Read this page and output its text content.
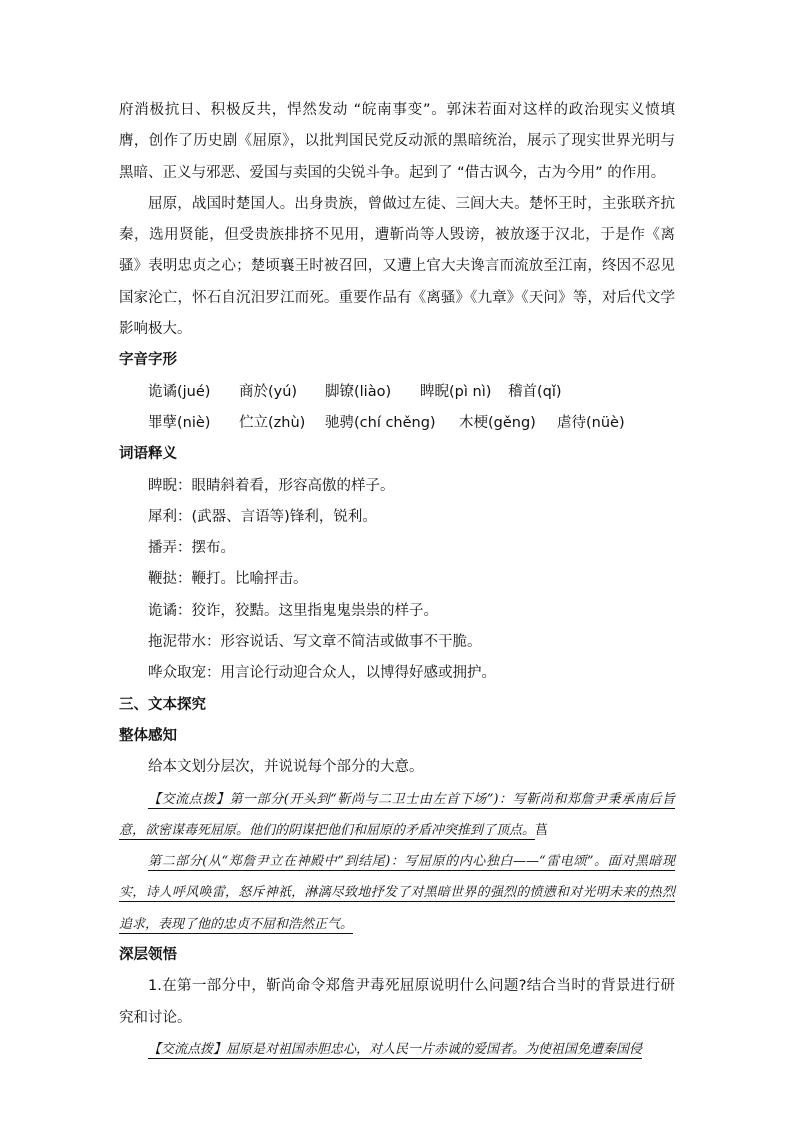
府消极抗日、积极反共，悍然发动 “皖南事变”。郭沫若面对这样的政治现实义愤填膺，创作了历史剧《屈原》，以批判国民党反动派的黑暗统治，展示了现实世界光明与黑暗、正义与邪恶、爱国与卖国的尖锐斗争。起到了 “借古讽今，古为今用” 的作用。

屈原，战国时楚国人。出身贵族，曾做过左徒、三闾大夫。楚怀王时，主张联齐抗秦，选用贤能，但受贵族排挤不见用，遭靳尚等人毁谤，被放逐于汉北，于是作《离骚》表明忠贞之心；楚顷襄王时被召回，又遭上官大夫谗言而流放至江南，终因不忍见国家沦亡，怀石自沉汨罗江而死。重要作品有《离骚》《九章》《天问》等，对后代文学影响极大。

字音字形

诡谲(jué)	商於(yú)	脚镣(liào)	睥睨(pì nì)	稽首(qǐ)
罪孽(niè)	伫立(zhù)	驰骋(chí chěng)	木梗(gěng)	虐待(nüè)

词语释义

睥睨：眼睛斜着看，形容高傲的样子。

犀利：(武器、言语等)锋利，锐利。

播弄：摆布。

鞭挞：鞭打。比喻抨击。

诡谲：狡诈，狡黠。这里指鬼鬼祟祟的样子。

拖泥带水：形容说话、写文章不简洁或做事不干脆。

哗众取宠：用言论行动迎合众人，以博得好感或拥护。

三、文本探究

整体感知

给本文划分层次，并说说每个部分的大意。

【交流点拨】第一部分(开头到“靳尚与二卫士由左首下场”)：写靳尚和郑詹尹秉承南后旨意，欲密谋毒死屈原。他们的阴谋把他们和屈原的矛盾冲突推到了顶点。菖

第二部分(从“郑詹尹立在神殿中”到结尾)：写屈原的内心独白——“雷电颂”。面对黑暗现实，诗人呼风唤雷，怒斥神祇，淋漓尽致地抒发了对黑暗世界的强烈的愤懑和对光明未来的热烈追求，表现了他的忠贞不屈和浩然正气。

深层领悟

1.在第一部分中，靳尚命令郑詹尹毒死屈原说明什么问题?结合当时的背景进行研究和讨论。

【交流点拨】屈原是对祖国赤胆忠心，对人民一片赤诚的爱国者。为使祖国免遭秦国侵
